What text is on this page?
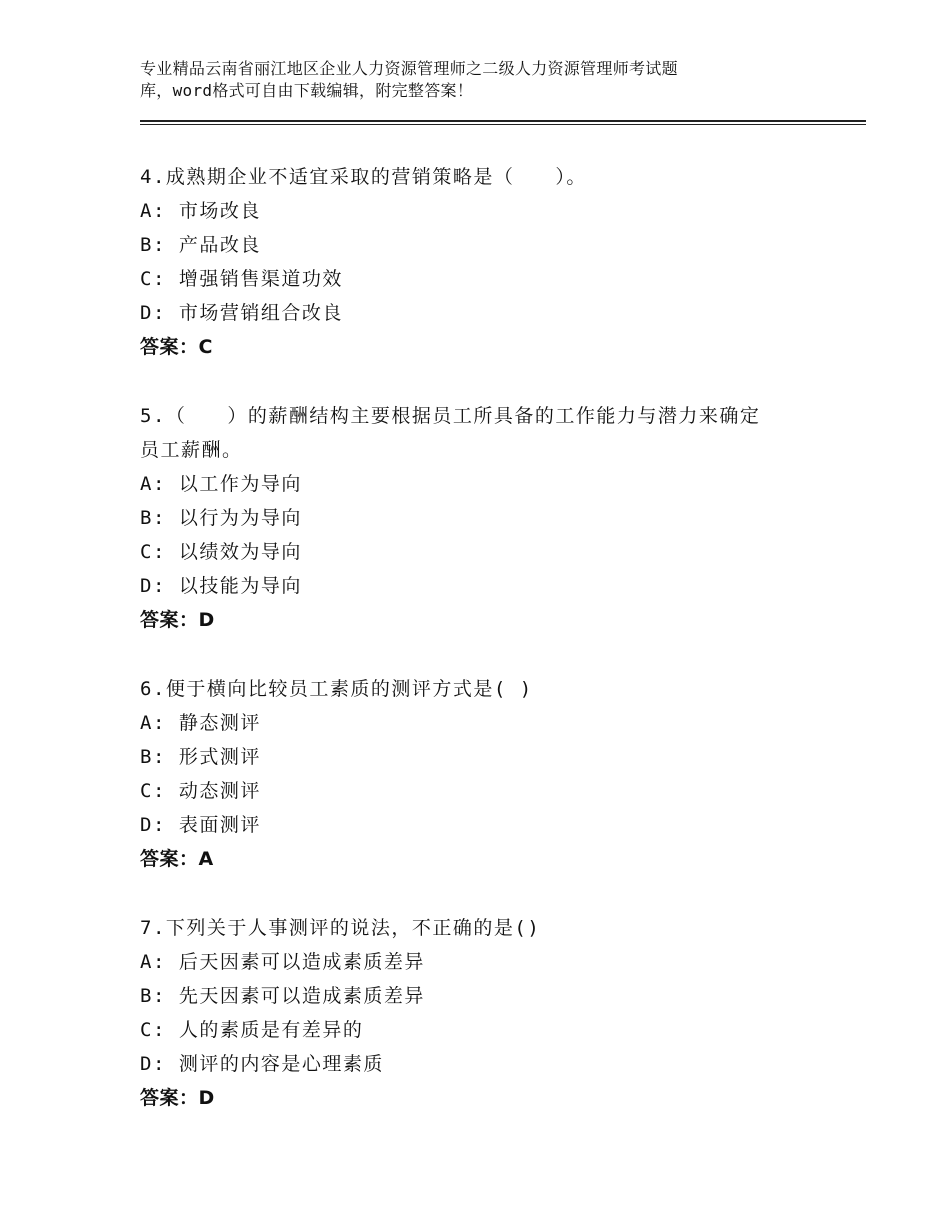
专业精品云南省丽江地区企业人力资源管理师之二级人力资源管理师考试题
库，word格式可自由下载编辑，附完整答案！
4.成熟期企业不适宜采取的营销策略是（　　）。
A: 市场改良
B: 产品改良
C: 增强销售渠道功效
D: 市场营销组合改良
答案：C
5.（　　）的薪酬结构主要根据员工所具备的工作能力与潜力来确定
员工薪酬。
A: 以工作为导向
B: 以行为为导向
C: 以绩效为导向
D: 以技能为导向
答案：D
6.便于横向比较员工素质的测评方式是( )
A: 静态测评
B: 形式测评
C: 动态测评
D: 表面测评
答案：A
7.下列关于人事测评的说法，不正确的是()
A: 后天因素可以造成素质差异
B: 先天因素可以造成素质差异
C: 人的素质是有差异的
D: 测评的内容是心理素质
答案：D
